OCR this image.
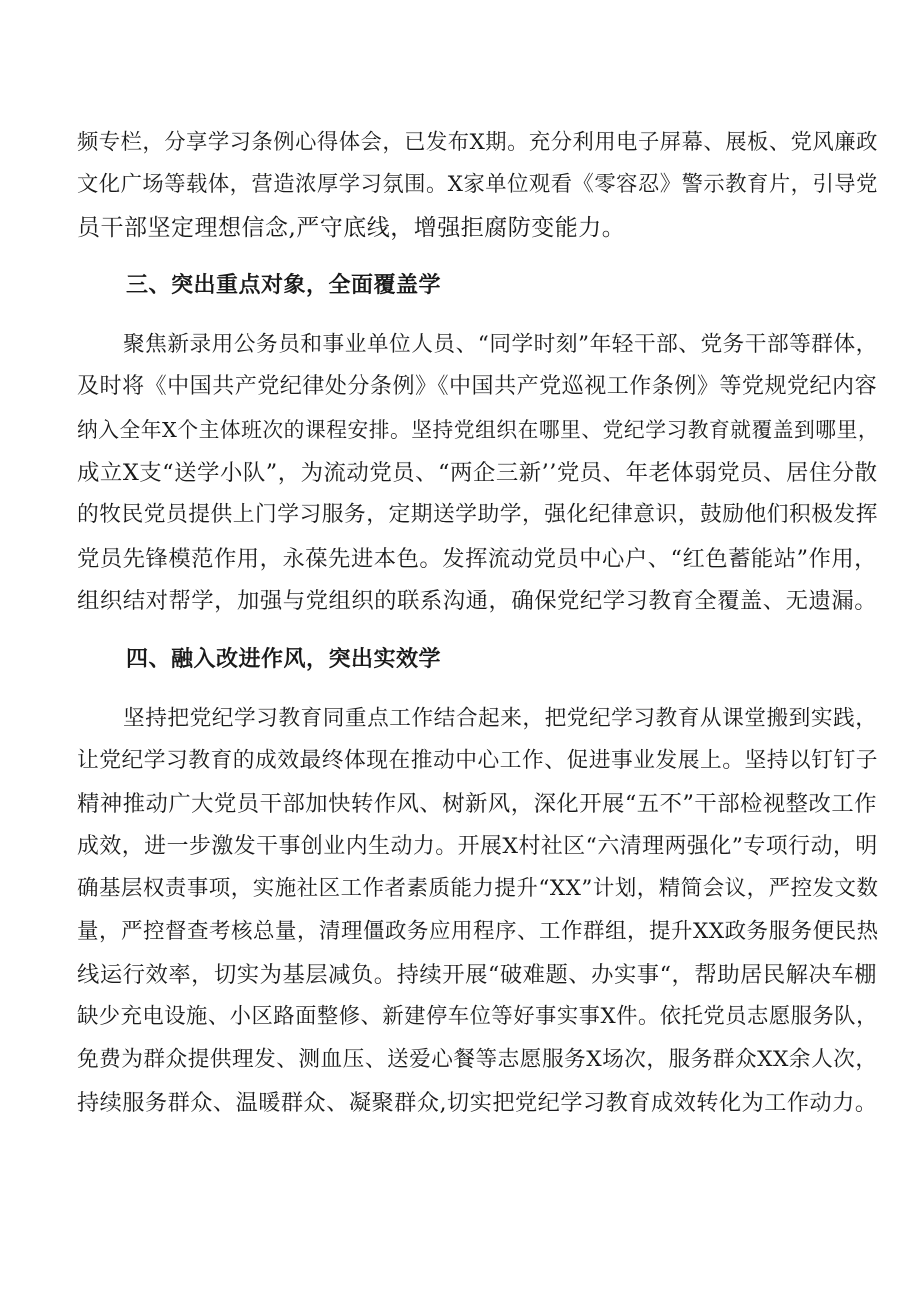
频专栏，分享学习条例心得体会，已发布X期。充分利用电子屏幕、展板、党风廉政
文化广场等载体，营造浓厚学习氛围。X家单位观看《零容忍》警示教育片，引导党
员干部坚定理想信念,严守底线，增强拒腐防变能力。
三、突出重点对象，全面覆盖学
聚焦新录用公务员和事业单位人员、“同学时刻”年轻干部、党务干部等群体，
及时将《中国共产党纪律处分条例》《中国共产党巡视工作条例》等党规党纪内容
纳入全年X个主体班次的课程安排。坚持党组织在哪里、党纪学习教育就覆盖到哪里，
成立X支“送学小队”，为流动党员、“两企三新’’党员、年老体弱党员、居住分散
的牧民党员提供上门学习服务，定期送学助学，强化纪律意识，鼓励他们积极发挥
党员先锋模范作用，永葆先进本色。发挥流动党员中心户、“红色蓄能站”作用，
组织结对帮学，加强与党组织的联系沟通，确保党纪学习教育全覆盖、无遗漏。
四、融入改进作风，突出实效学
坚持把党纪学习教育同重点工作结合起来，把党纪学习教育从课堂搬到实践，
让党纪学习教育的成效最终体现在推动中心工作、促进事业发展上。坚持以钉钉子
精神推动广大党员干部加快转作风、树新风，深化开展“五不”干部检视整改工作
成效，进一步激发干事创业内生动力。开展X村社区“六清理两强化”专项行动，明
确基层权责事项，实施社区工作者素质能力提升“XX”计划，精简会议，严控发文数
量，严控督查考核总量，清理僵政务应用程序、工作群组，提升XX政务服务便民热
线运行效率，切实为基层减负。持续开展“破难题、办实事“，帮助居民解决车棚
缺少充电设施、小区路面整修、新建停车位等好事实事X件。依托党员志愿服务队，
免费为群众提供理发、测血压、送爱心餐等志愿服务X场次，服务群众XX余人次，
持续服务群众、温暖群众、凝聚群众,切实把党纪学习教育成效转化为工作动力。
